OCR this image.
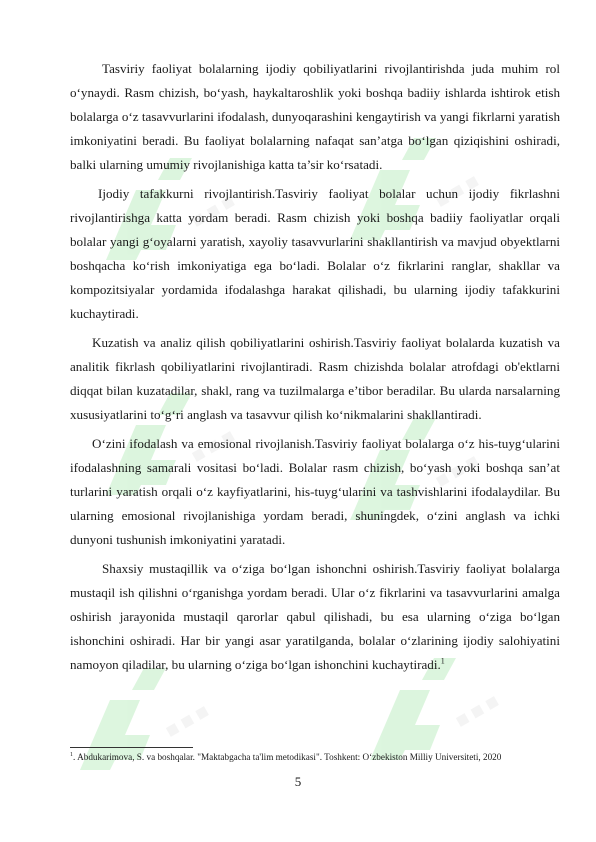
Tasviriy faoliyat bolalarning ijodiy qobiliyatlarini rivojlantirishda juda muhim rol o‘ynaydi. Rasm chizish, bo‘yash, haykaltaroshlik yoki boshqa badiiy ishlarda ishtirok etish bolalarga o‘z tasavvurlarini ifodalash, dunyoqarashini kengaytirish va yangi fikrlarni yaratish imkoniyatini beradi. Bu faoliyat bolalarning nafaqat san’atga bo‘lgan qiziqishini oshiradi, balki ularning umumiy rivojlanishiga katta ta’sir ko‘rsatadi.

Ijodiy tafakkurni rivojlantirish.Tasviriy faoliyat bolalar uchun ijodiy fikrlashni rivojlantirishga katta yordam beradi. Rasm chizish yoki boshqa badiiy faoliyatlar orqali bolalar yangi g‘oyalarni yaratish, xayoliy tasavvurlarini shakllantirish va mavjud obyektlarni boshqacha ko‘rish imkoniyatiga ega bo‘ladi. Bolalar o‘z fikrlarini ranglar, shakllar va kompozitsiyalar yordamida ifodalashga harakat qilishadi, bu ularning ijodiy tafakkurini kuchaytiradi.

Kuzatish va analiz qilish qobiliyatlarini oshirish.Tasviriy faoliyat bolalarda kuzatish va analitik fikrlash qobiliyatlarini rivojlantiradi. Rasm chizishda bolalar atrofdagi ob'ektlarni diqqat bilan kuzatadilar, shakl, rang va tuzilmalarga e’tibor beradilar. Bu ularda narsalarning xususiyatlarini to‘g‘ri anglash va tasavvur qilish ko‘nikmalarini shakllantiradi.

O‘zini ifodalash va emosional rivojlanish.Tasviriy faoliyat bolalarga o‘z his-tuyg‘ularini ifodalashning samarali vositasi bo‘ladi. Bolalar rasm chizish, bo‘yash yoki boshqa san’at turlarini yaratish orqali o‘z kayfiyatlarini, his-tuyg‘ularini va tashvishlarini ifodalaydilar. Bu ularning emosional rivojlanishiga yordam beradi, shuningdek, o‘zini anglash va ichki dunyoni tushunish imkoniyatini yaratadi.

Shaxsiy mustaqillik va o‘ziga bo‘lgan ishonchni oshirish.Tasviriy faoliyat bolalarga mustaqil ish qilishni o‘rganishga yordam beradi. Ular o‘z fikrlarini va tasavvurlarini amalga oshirish jarayonida mustaqil qarorlar qabul qilishadi, bu esa ularning o‘ziga bo‘lgan ishonchini oshiradi. Har bir yangi asar yaratilganda, bolalar o‘zlarining ijodiy salohiyatini namoyon qiladilar, bu ularning o‘ziga bo‘lgan ishonchini kuchaytiradi.$^1$

$^1$. Abdukarimova, S. va boshqalar. "Maktabgacha ta'lim metodikasi". Toshkent: O‘zbekiston Milliy Universiteti, 2020
5
